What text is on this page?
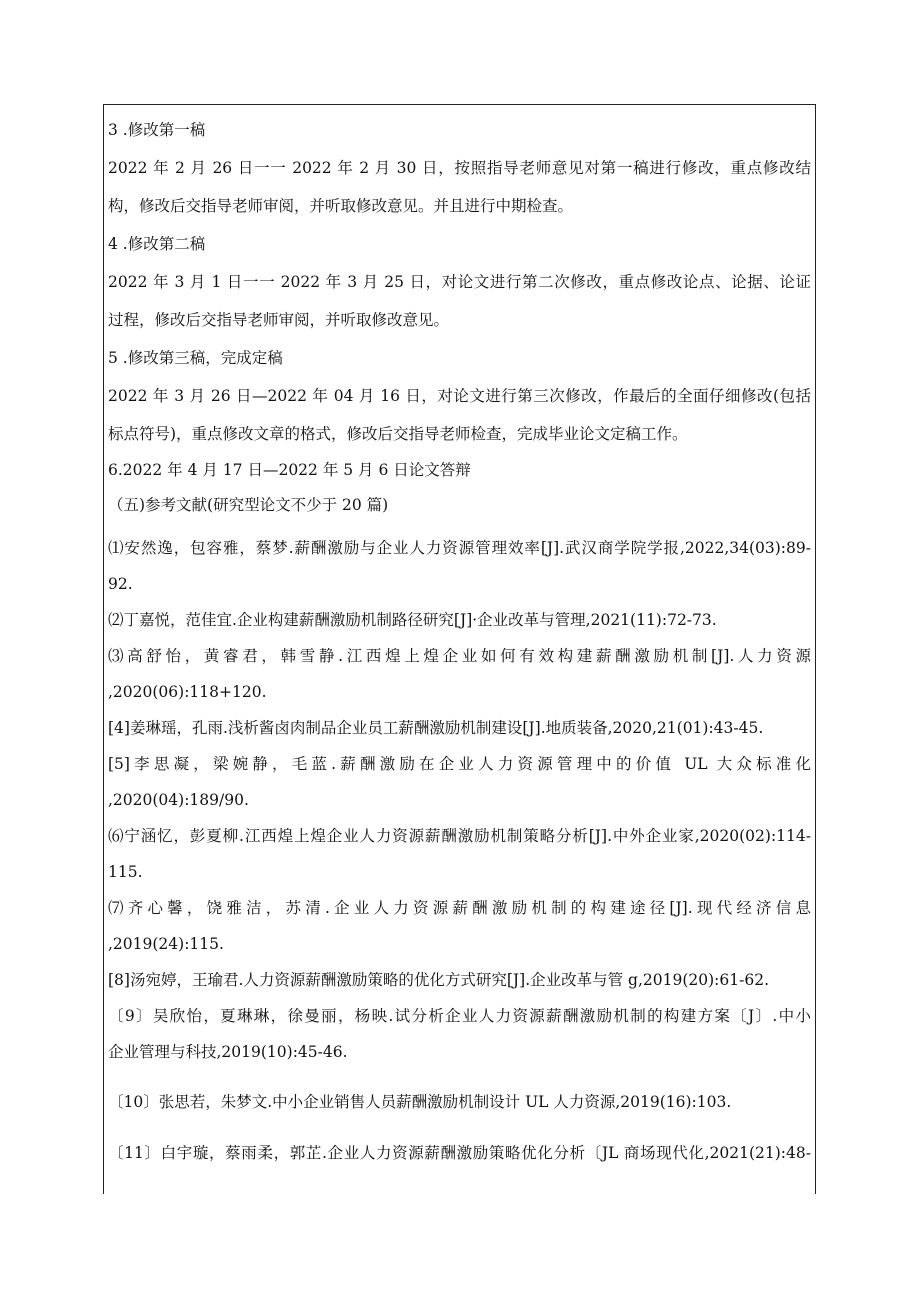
3 .修改第一稿
2022 年 2 月 26 日一一 2022 年 2 月 30 日，按照指导老师意见对第一稿进行修改，重点修改结
构，修改后交指导老师审阅，并听取修改意见。并且进行中期检查。
4 .修改第二稿
2022 年 3 月 1 日一一 2022 年 3 月 25 日，对论文进行第二次修改，重点修改论点、论据、论证
过程，修改后交指导老师审阅，并听取修改意见。
5 .修改第三稿，完成定稿
2022 年 3 月 26 日—2022 年 04 月 16 日，对论文进行第三次修改，作最后的全面仔细修改(包括
标点符号)，重点修改文章的格式，修改后交指导老师检查，完成毕业论文定稿工作。
6.2022 年 4 月 17 日—2022 年 5 月 6 日论文答辩
（五)参考文献(研究型论文不少于 20 篇)
⑴安然逸，包容雅，蔡梦.薪酬激励与企业人力资源管理效率[J].武汉商学院学报,2022,34(03):89-
92.
⑵丁嘉悦，范佳宜.企业构建薪酬激励机制路径研究[J]·企业改革与管理,2021(11):72-73.
⑶高舒怡，黄睿君，韩雪静.江西煌上煌企业如何有效构建薪酬激励机制[J].人力资源
,2020(06):118+120.
[4]姜琳瑶，孔雨.浅析酱卤肉制品企业员工薪酬激励机制建设[J].地质装备,2020,21(01):43-45.
[5]李思凝，梁婉静，毛蓝.薪酬激励在企业人力资源管理中的价值 UL 大众标准化
,2020(04):189/90.
⑹宁涵忆，彭夏柳.江西煌上煌企业人力资源薪酬激励机制策略分析[J].中外企业家,2020(02):114-
115.
⑺齐心馨，饶雅洁，苏清.企业人力资源薪酬激励机制的构建途径[J].现代经济信息
,2019(24):115.
[8]汤宛婷，王瑜君.人力资源薪酬激励策略的优化方式研究[J].企业改革与管 g,2019(20):61-62.
〔9〕吴欣怡，夏琳琳，徐曼丽，杨映.试分析企业人力资源薪酬激励机制的构建方案〔J〕.中小
企业管理与科技,2019(10):45-46.
〔10〕张思若，朱梦文.中小企业销售人员薪酬激励机制设计 UL 人力资源,2019(16):103.
〔11〕白宇璇，蔡雨柔，郭芷.企业人力资源薪酬激励策略优化分析〔JL 商场现代化,2021(21):48-
